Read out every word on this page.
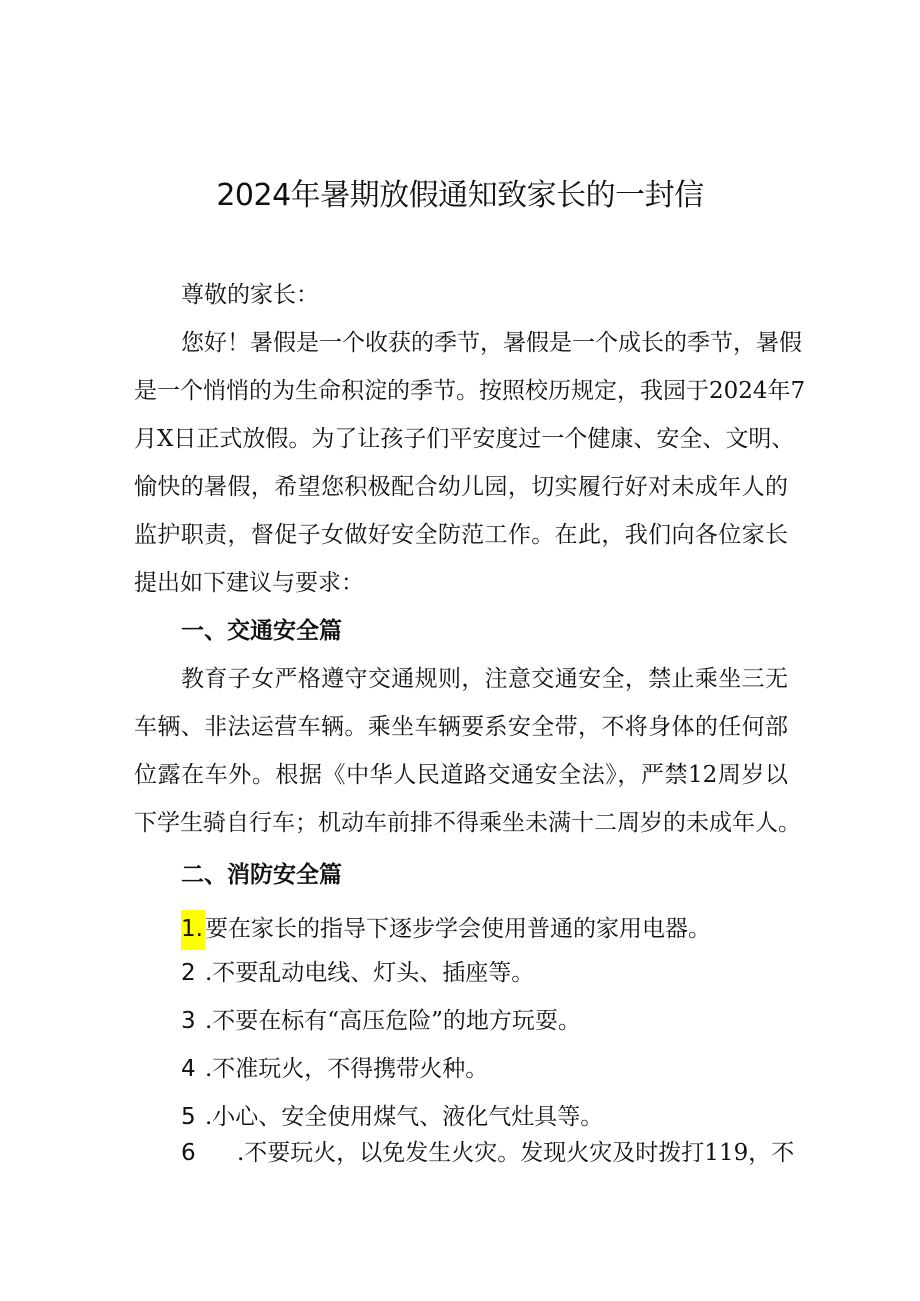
2024年暑期放假通知致家长的一封信
尊敬的家长：
您好！暑假是一个收获的季节，暑假是一个成长的季节，暑假
是一个悄悄的为生命积淀的季节。按照校历规定，我园于2024年7
月X日正式放假。为了让孩子们平安度过一个健康、安全、文明、
愉快的暑假，希望您积极配合幼儿园，切实履行好对未成年人的
监护职责，督促子女做好安全防范工作。在此，我们向各位家长
提出如下建议与要求：
一、交通安全篇
教育子女严格遵守交通规则，注意交通安全，禁止乘坐三无
车辆、非法运营车辆。乘坐车辆要系安全带，不将身体的任何部
位露在车外。根据《中华人民道路交通安全法》，严禁12周岁以
下学生骑自行车；机动车前排不得乘坐未满十二周岁的未成年人。
二、消防安全篇
1.要在家长的指导下逐步学会使用普通的家用电器。
2 .不要乱动电线、灯头、插座等。
3 .不要在标有“高压危险”的地方玩耍。
4 .不准玩火，不得携带火种。
5 .小心、安全使用煤气、液化气灶具等。
6 .不要玩火，以免发生火灾。发现火灾及时拨打119，不
